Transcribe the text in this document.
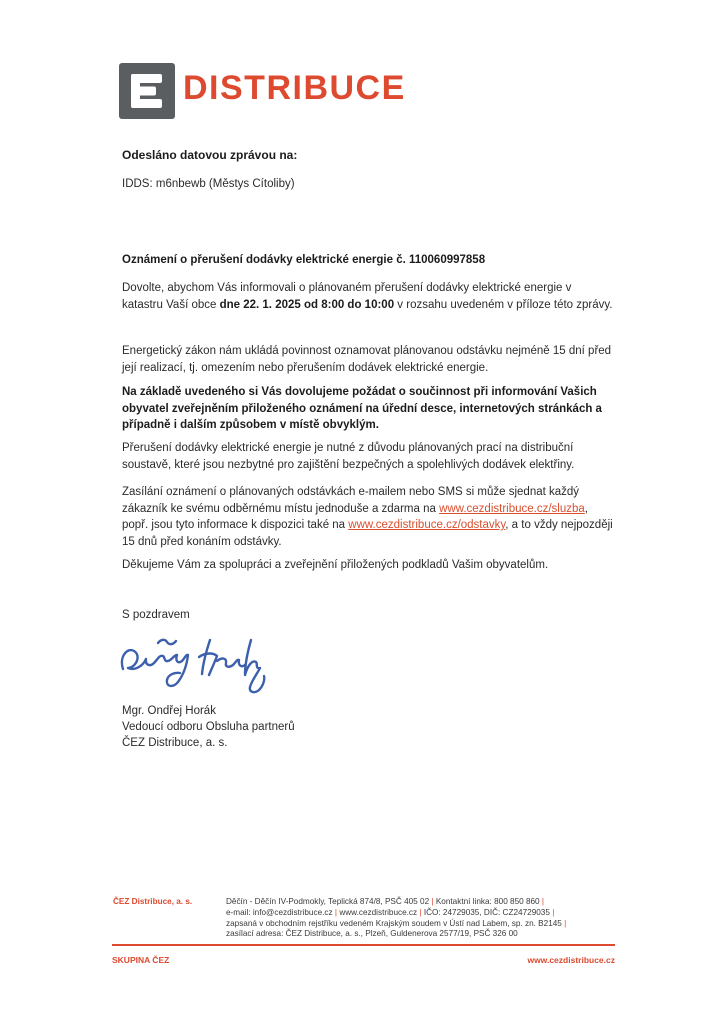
DISTRIBUCE
Odesláno datovou zprávou na:
IDDS: m6nbewb (Městys Cítoliby)
Oznámení o přerušení dodávky elektrické energie č. 110060997858

Dovolte, abychom Vás informovali o plánovaném přerušení dodávky elektrické energie v katastru Vaší obce dne 22. 1. 2025 od 8:00 do 10:00 v rozsahu uvedeném v příloze této zprávy.

Energetický zákon nám ukládá povinnost oznamovat plánovanou odstávku nejméně 15 dní před její realizací, tj. omezením nebo přerušením dodávek elektrické energie.

Na základě uvedeného si Vás dovolujeme požádat o součinnost při informování Vašich obyvatel zveřejněním přiloženého oznámení na úřední desce, internetových stránkách a případně i dalším způsobem v místě obvyklým.

Přerušení dodávky elektrické energie je nutné z důvodu plánovaných prací na distribuční soustavě, které jsou nezbytné pro zajištění bezpečných a spolehlivých dodávek elektřiny.

Zasílání oznámení o plánovaných odstávkách e-mailem nebo SMS si může sjednat každý zákazník ke svému odběrnému místu jednoduše a zdarma na www.cezdistribuce.cz/sluzba, popř. jsou tyto informace k dispozici také na www.cezdistribuce.cz/odstavky, a to vždy nejpozději 15 dnů před konáním odstávky.

Děkujeme Vám za spolupráci a zveřejnění přiložených podkladů Vašim obyvatelům.

S pozdravem
Mgr. Ondřej Horák
Vedoucí odboru Obsluha partnerů
ČEZ Distribuce, a. s.
ČEZ Distribuce, a. s.	Děčín - Děčín IV-Podmokly, Teplická 874/8, PSČ 405 02 | Kontaktní linka: 800 850 860 |
e-mail: info@cezdistribuce.cz | www.cezdistribuce.cz | IČO: 24729035, DIČ: CZ24729035 |
zapsaná v obchodním rejstříku vedeném Krajským soudem v Ústí nad Labem, sp. zn. B2145 |
zasílací adresa: ČEZ Distribuce, a. s., Plzeň, Guldenerova 2577/19, PSČ 326 00
SKUPINA ČEZ	www.cezdistribuce.cz
